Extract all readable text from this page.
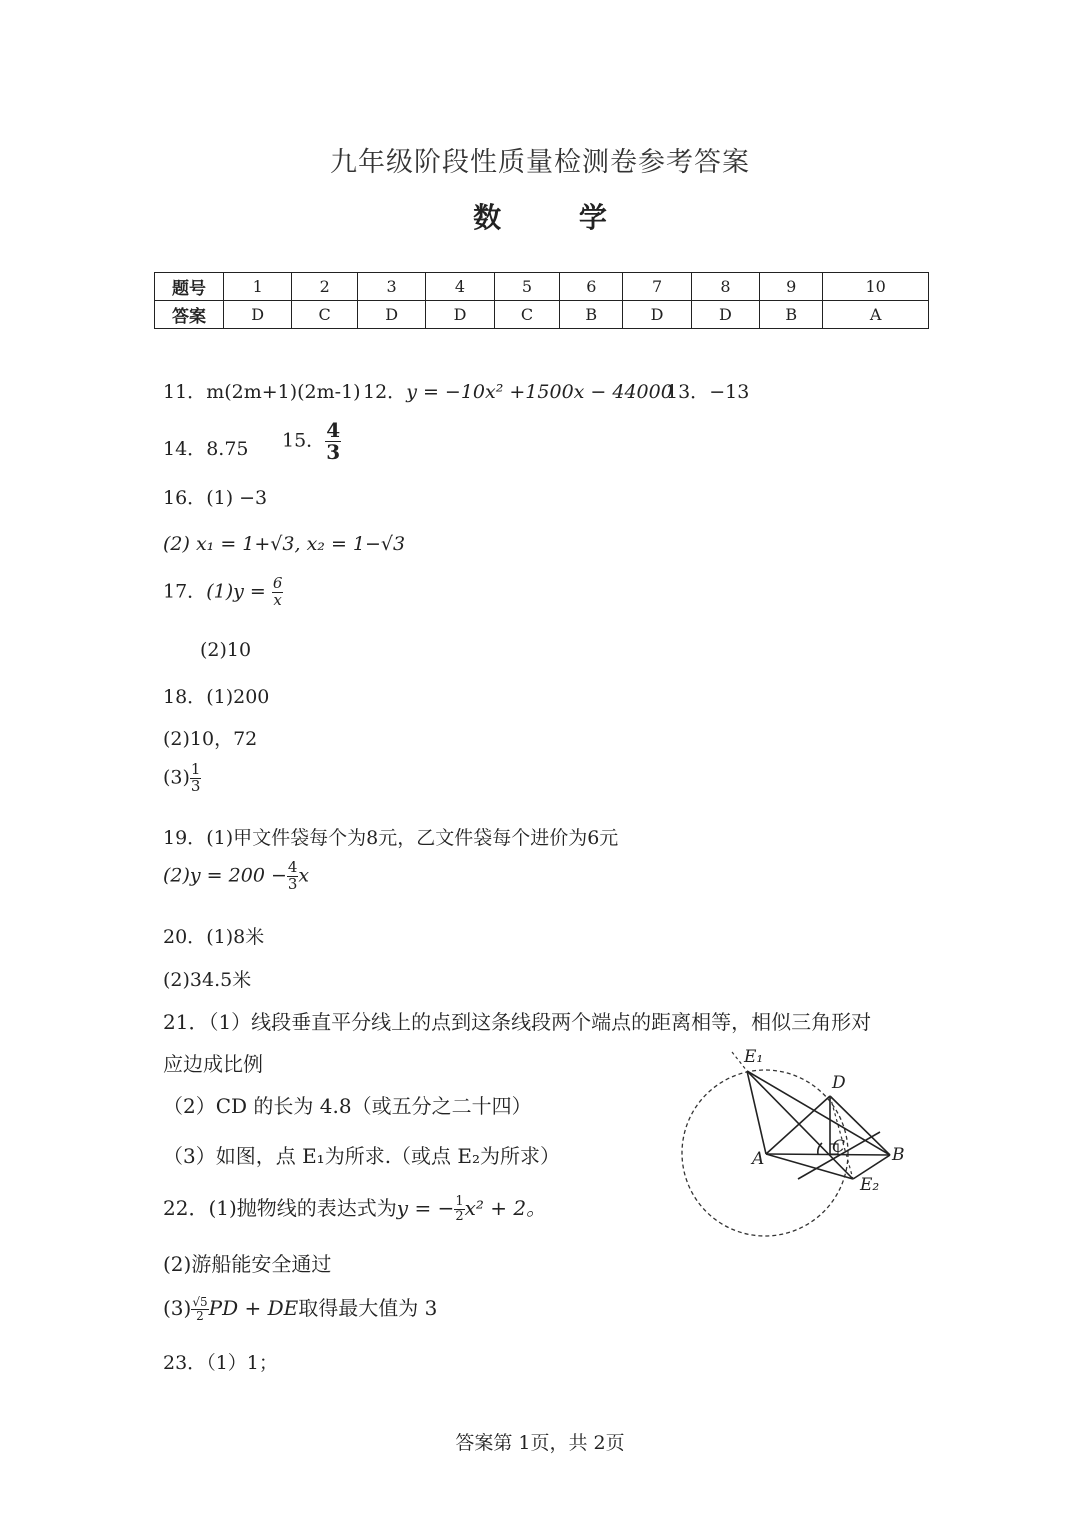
九年级阶段性质量检测卷参考答案
数 学
题号	1	2	3	4	5	6	7	8	9	10
答案	D	C	D	D	C	B	D	D	B	A
11．m(2m+1)(2m-1) 12．y = −10x² +1500x − 44000
13．−13
14．8.75 15． $\frac{4}{3}$
16．(1) −3
(2) x₁ = 1+√3, x₂ = 1−√3
17．$(1)y = \frac{6}{x}$
(2)10
18．(1)200
(2)10，72
$(3) \frac{1}{3}$
19．(1)甲文件袋每个为8元，乙文件袋每个进价为6元
$(2)y = 200 - \frac{4}{3}$ x
20．(1)8米
(2)34.5米
21．（1）线段垂直平分线上的点到这条线段两个端点的距离相等，相似三角形对
应边成比例
（2）CD 的长为 4.8（或五分之二十四）
（3）如图，点 E₁为所求.（或点 E₂为所求）
22．(1)抛物线的表达式为y = − $\frac{1}{2} x^2 + 2$。
(2)游船能安全通过
$(3) \frac{√5}{2}$ PD + DE取得最大值为 3
23．（1）1；
E₁
D
C
A	B
E₂
答案第 1页，共 2页
